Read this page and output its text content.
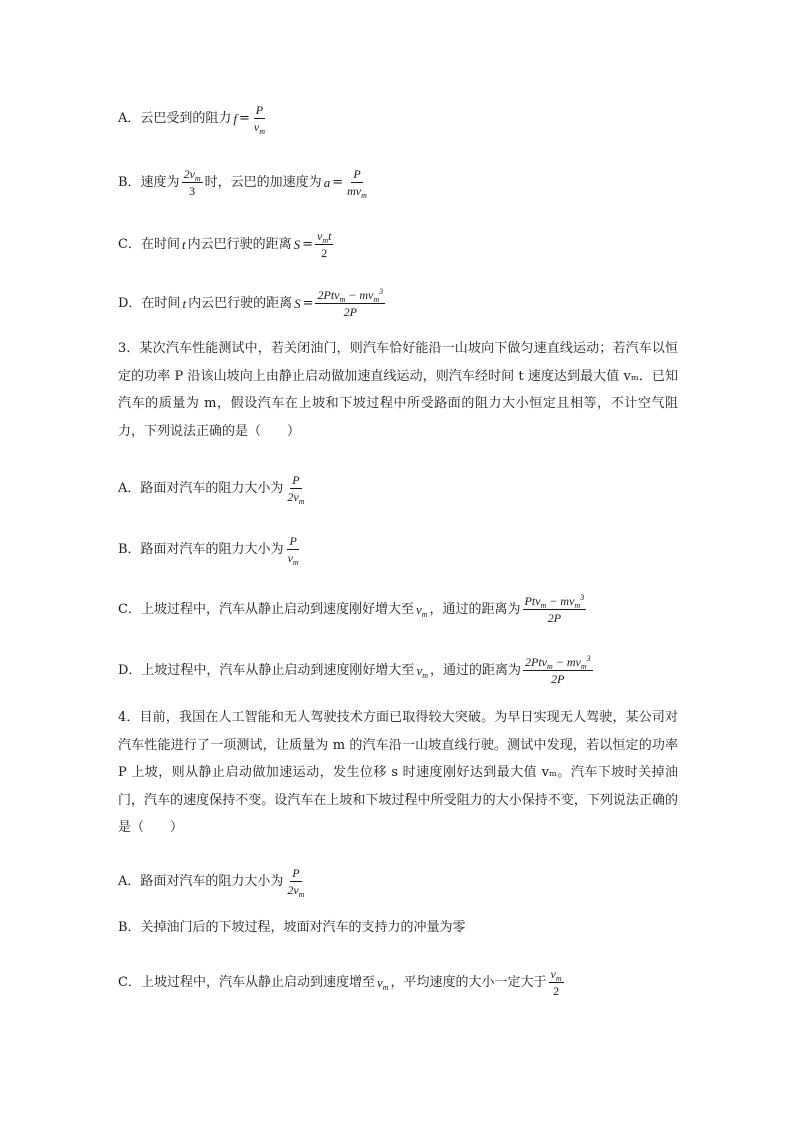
A．云巴受到的阻力 $f = \frac{P}{v_m}$
B．速度为 $\frac{2v_m}{3}$ 时，云巴的加速度为 $a = \frac{P}{mv_m}$
C．在时间 t 内云巴行驶的距离 $S = \frac{v_mt}{2}$
D．在时间 t 内云巴行驶的距离 $S = \frac{2Ptv_m - mv_m^3}{2P}$
3．某次汽车性能测试中，若关闭油门，则汽车恰好能沿一山坡向下做匀速直线运动；若汽车以恒定的功率 P 沿该山坡向上由静止启动做加速直线运动，则汽车经时间 t 速度达到最大值 vₘ．已知汽车的质量为 m，假设汽车在上坡和下坡过程中所受路面的阻力大小恒定且相等，不计空气阻力，下列说法正确的是（　　）
A．路面对汽车的阻力大小为 $\frac{P}{2v_m}$
B．路面对汽车的阻力大小为 $\frac{P}{v_m}$
C．上坡过程中，汽车从静止启动到速度刚好增大至 $v_m$ ，通过的距离为 $\frac{Ptv_m - mv_m^3}{2P}$
D．上坡过程中，汽车从静止启动到速度刚好增大至 $v_m$ ，通过的距离为 $\frac{2Ptv_m - mv_m^3}{2P}$
4．目前，我国在人工智能和无人驾驶技术方面已取得较大突破。为早日实现无人驾驶，某公司对汽车性能进行了一项测试，让质量为 m 的汽车沿一山坡直线行驶。测试中发现，若以恒定的功率 P 上坡，则从静止启动做加速运动，发生位移 s 时速度刚好达到最大值 vₘ。汽车下坡时关掉油门，汽车的速度保持不变。设汽车在上坡和下坡过程中所受阻力的大小保持不变，下列说法正确的是（　　）
A．路面对汽车的阻力大小为 $\frac{P}{2v_m}$
B．关掉油门后的下坡过程，坡面对汽车的支持力的冲量为零
C．上坡过程中，汽车从静止启动到速度增至 $v_m$ ，平均速度的大小一定大于 $\frac{v_m}{2}$
